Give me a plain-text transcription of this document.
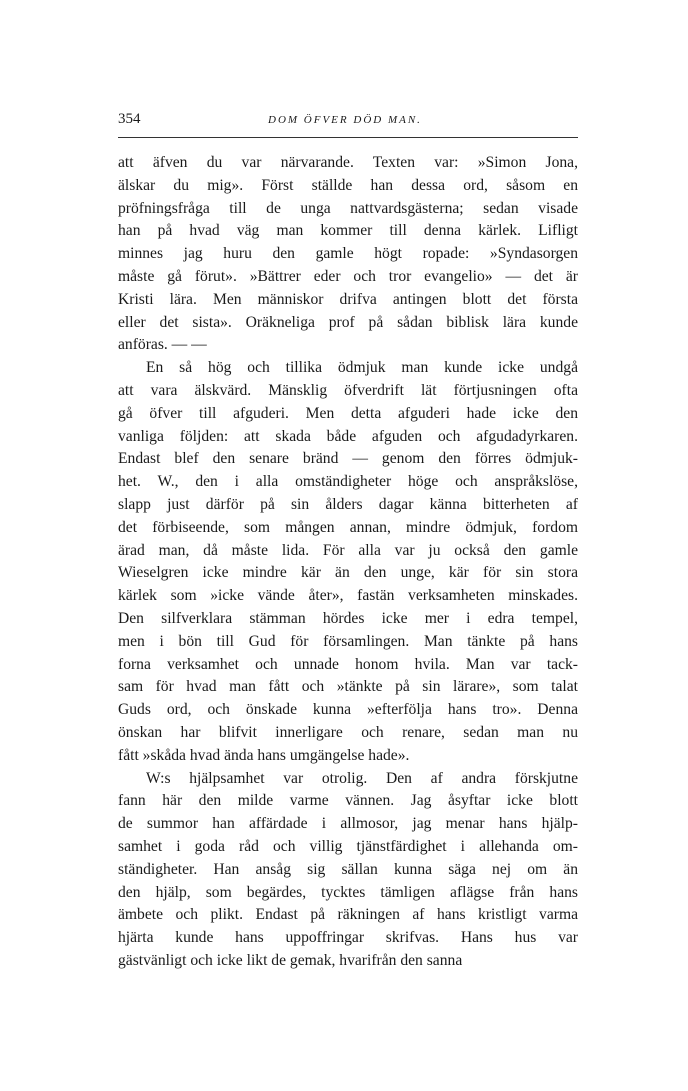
354	DOM ÖFVER DÖD MAN.
att äfven du var närvarande. Texten var: »Simon Jona,
älskar du mig». Först ställde han dessa ord, såsom en
pröfningsfråga till de unga nattvardsgästerna; sedan visade
han på hvad väg man kommer till denna kärlek. Lifligt
minnes jag huru den gamle högt ropade: »Syndasorgen
måste gå förut». »Bättrer eder och tror evangelio» — det är
Kristi lära. Men människor drifva antingen blott det första
eller det sista». Oräkneliga prof på sådan biblisk lära kunde
anföras. — —
En så hög och tillika ödmjuk man kunde icke undgå
att vara älskvärd. Mänsklig öfverdrift lät förtjusningen ofta
gå öfver till afguderi. Men detta afguderi hade icke den
vanliga följden: att skada både afguden och afgudadyrkaren.
Endast blef den senare bränd — genom den förres ödmjuk-
het. W., den i alla omständigheter höge och anspråkslöse,
slapp just därför på sin ålders dagar känna bitterheten af
det förbiseende, som mången annan, mindre ödmjuk, fordom
ärad man, då måste lida. För alla var ju också den gamle
Wieselgren icke mindre kär än den unge, kär för sin stora
kärlek som »icke vände åter», fastän verksamheten minskades.
Den silfverklara stämman hördes icke mer i edra tempel,
men i bön till Gud för församlingen. Man tänkte på hans
forna verksamhet och unnade honom hvila. Man var tack-
sam för hvad man fått och »tänkte på sin lärare», som talat
Guds ord, och önskade kunna »efterfölja hans tro». Denna
önskan har blifvit innerligare och renare, sedan man nu
fått »skåda hvad ända hans umgängelse hade».
W:s hjälpsamhet var otrolig. Den af andra förskjutne
fann här den milde varme vännen. Jag åsyftar icke blott
de summor han affärdade i allmosor, jag menar hans hjälp-
samhet i goda råd och villig tjänstfärdighet i allehanda om-
ständigheter. Han ansåg sig sällan kunna säga nej om än
den hjälp, som begärdes, tycktes tämligen aflägse från hans
ämbete och plikt. Endast på räkningen af hans kristligt varma
hjärta kunde hans uppoffringar skrifvas. Hans hus var
gästvänligt och icke likt de gemak, hvarifrån den sanna
